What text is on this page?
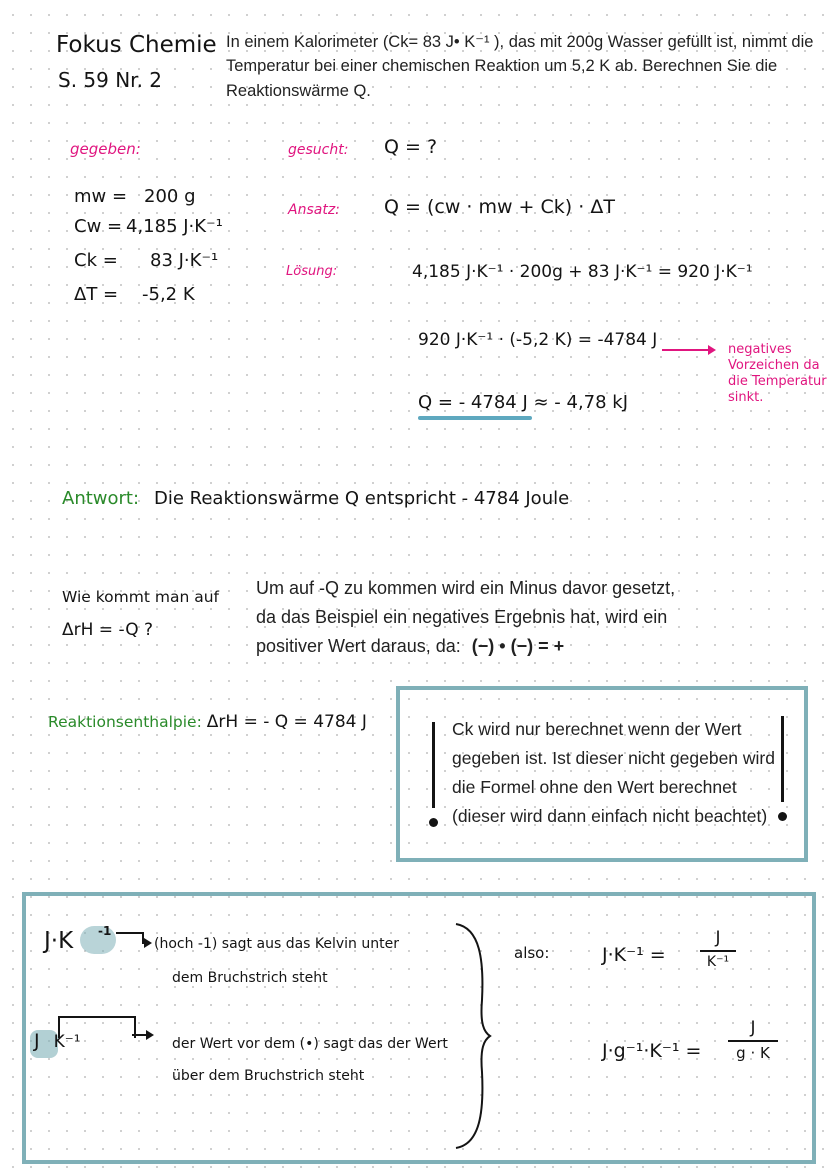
Fokus Chemie
S. 59 Nr. 2
In einem Kalorimeter (Ck= 83 J• K⁻¹ ), das mit 200g Wasser gefüllt ist, nimmt die
Temperatur bei einer chemischen Reaktion um 5,2 K ab. Berechnen Sie die
Reaktionswärme Q.
gegeben:
mw = 200 g
Cw = 4,185 J·K⁻¹
Ck = 83 J·K⁻¹
ΔT = -5,2 K
gesucht: Q = ?
Ansatz: Q = (cw · mw + Ck) · ΔT
Lösung:	4,185 J·K⁻¹ · 200g + 83 J·K⁻¹ = 920 J·K⁻¹
920 J·K⁻¹ · (-5,2 K) = -4784 J
Q = - 4784 J ≈ - 4,78 kJ
negatives
Vorzeichen da
die Temperatur
sinkt.
Antwort: Die Reaktionswärme Q entspricht - 4784 Joule
Wie kommt man auf
ΔrH = -Q ?
Um auf -Q zu kommen wird ein Minus davor gesetzt,
da das Beispiel ein negatives Ergebnis hat, wird ein
positiver Wert daraus, da: (−) • (−) = +
Reaktionsenthalpie: ΔrH = - Q = 4784 J	Ck wird nur berechnet wenn der Wert
gegeben ist. Ist dieser nicht gegeben wird
die Formel ohne den Wert berechnet
(dieser wird dann einfach nicht beachtet)
J·K -1
(hoch -1) sagt aus das Kelvin unter
dem Bruchstrich steht
J K⁻¹	der Wert vor dem (•) sagt das der Wert
über dem Bruchstrich steht
also:	J·K⁻¹ =
J
K⁻¹
J·g⁻¹·K⁻¹ =
J
g · K
